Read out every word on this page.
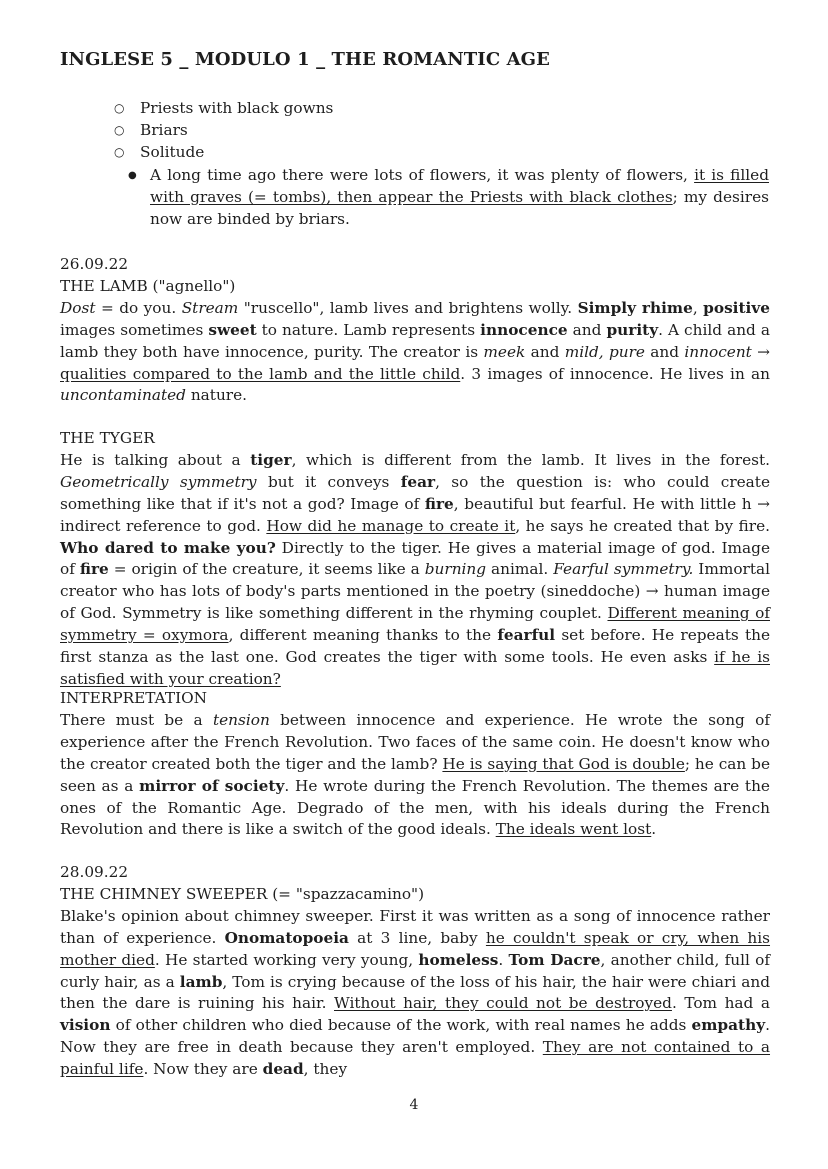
INGLESE 5 _ MODULO 1 _ THE ROMANTIC AGE
○ Priests with black gowns
○ Briars
○ Solitude
● A long time ago there were lots of flowers, it was plenty of flowers, it is filled with graves (= tombs), then appear the Priests with black clothes; my desires now are binded by briars.

26.09.22

THE LAMB ("agnello")

Dost = do you. Stream "ruscello", lamb lives and brightens wolly. Simply rhime, positive images sometimes sweet to nature. Lamb represents innocence and purity. A child and a lamb they both have innocence, purity. The creator is meek and mild, pure and innocent → qualities compared to the lamb and the little child. 3 images of innocence. He lives in an uncontaminated nature.

THE TYGER

He is talking about a tiger, which is different from the lamb. It lives in the forest. Geometrically symmetry but it conveys fear, so the question is: who could create something like that if it's not a god? Image of fire, beautiful but fearful. He with little h → indirect reference to god. How did he manage to create it, he says he created that by fire. Who dared to make you? Directly to the tiger. He gives a material image of god. Image of fire = origin of the creature, it seems like a burning animal. Fearful symmetry. Immortal creator who has lots of body's parts mentioned in the poetry (sineddoche) → human image of God. Symmetry is like something different in the rhyming couplet. Different meaning of symmetry = oxymora, different meaning thanks to the fearful set before. He repeats the first stanza as the last one. God creates the tiger with some tools. He even asks if he is satisfied with your creation?

INTERPRETATION

There must be a tension between innocence and experience. He wrote the song of experience after the French Revolution. Two faces of the same coin. He doesn't know who the creator created both the tiger and the lamb? He is saying that God is double; he can be seen as a mirror of society. He wrote during the French Revolution. The themes are the ones of the Romantic Age. Degrado of the men, with his ideals during the French Revolution and there is like a switch of the good ideals. The ideals went lost.

28.09.22

THE CHIMNEY SWEEPER (= "spazzacamino")

Blake's opinion about chimney sweeper. First it was written as a song of innocence rather than of experience. Onomatopoeia at 3 line, baby he couldn't speak or cry, when his mother died. He started working very young, homeless. Tom Dacre, another child, full of curly hair, as a lamb, Tom is crying because of the loss of his hair, the hair were chiari and then the dare is ruining his hair. Without hair, they could not be destroyed. Tom had a vision of other children who died because of the work, with real names he adds empathy. Now they are free in death because they aren't employed. They are not contained to a painful life. Now they are dead, they

4
